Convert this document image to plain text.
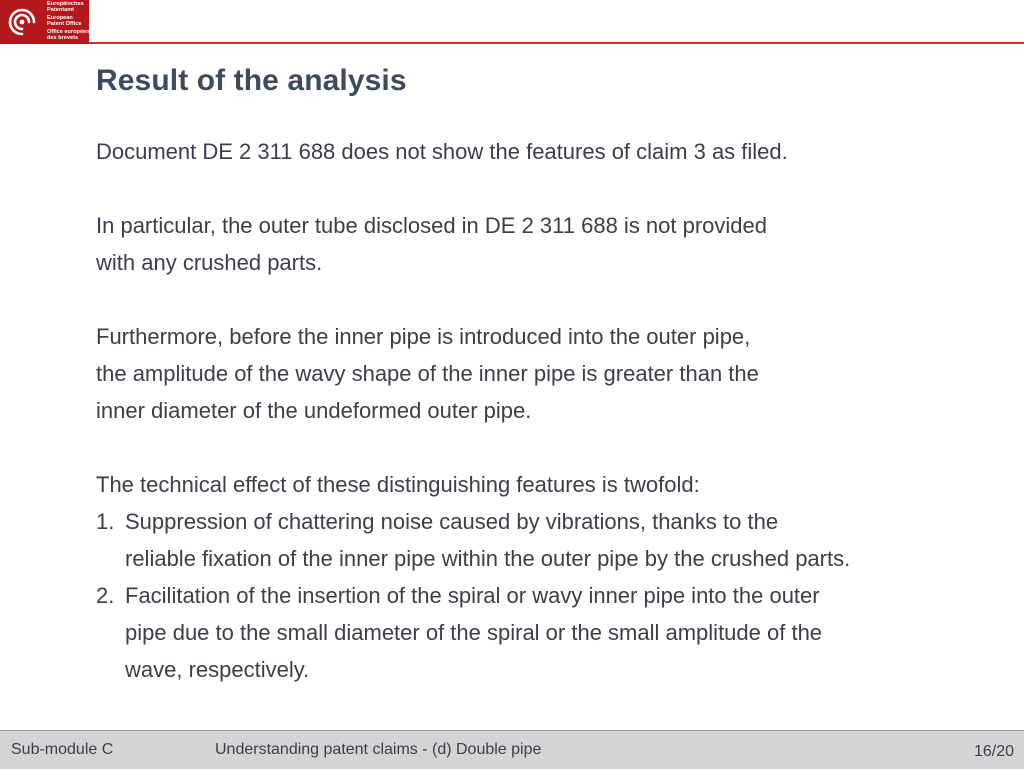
Europäisches
Patentamt
European
Patent Office
Office européen
des brevets
Result of the analysis

Document DE 2 311 688 does not show the features of claim 3 as filed.

In particular, the outer tube disclosed in DE 2 311 688 is not provided
with any crushed parts.

Furthermore, before the inner pipe is introduced into the outer pipe,
the amplitude of the wavy shape of the inner pipe is greater than the
inner diameter of the undeformed outer pipe.

The technical effect of these distinguishing features is twofold:

1. Suppression of chattering noise caused by vibrations, thanks to the
reliable fixation of the inner pipe within the outer pipe by the crushed parts.
2. Facilitation of the insertion of the spiral or wavy inner pipe into the outer
pipe due to the small diameter of the spiral or the small amplitude of the
wave, respectively.
Sub-module C	Understanding patent claims - (d) Double pipe	16/20
